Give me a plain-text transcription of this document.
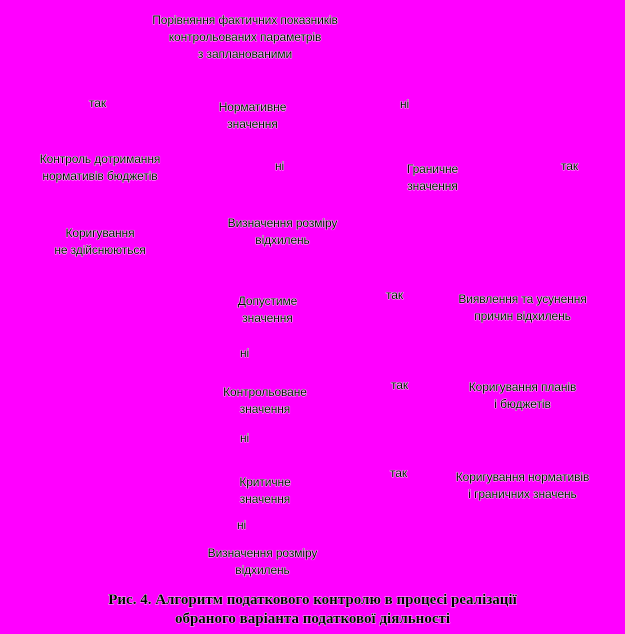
Порівняння фактичних показників
контрольованих параметрів
з запланованими
Нормативне
значення
Контроль дотримання
нормативів бюджетів	Граничне
значення
Коригування
не здійснюються
Визначення розміру
відхилень
Допустиме
значення
Виявлення та усунення
причин відхилень
Контрольоване
значення
Коригування планів
і бюджетів
Критичне
значення
Коригування нормативів
і граничних значень
Визначення розміру
відхилень
так	ні
ні	так
так
ні
так
ні
так
ні
Рис. 4. Алгоритм податкового контролю в процесі реалізації
обраного варіанта податкової діяльності
